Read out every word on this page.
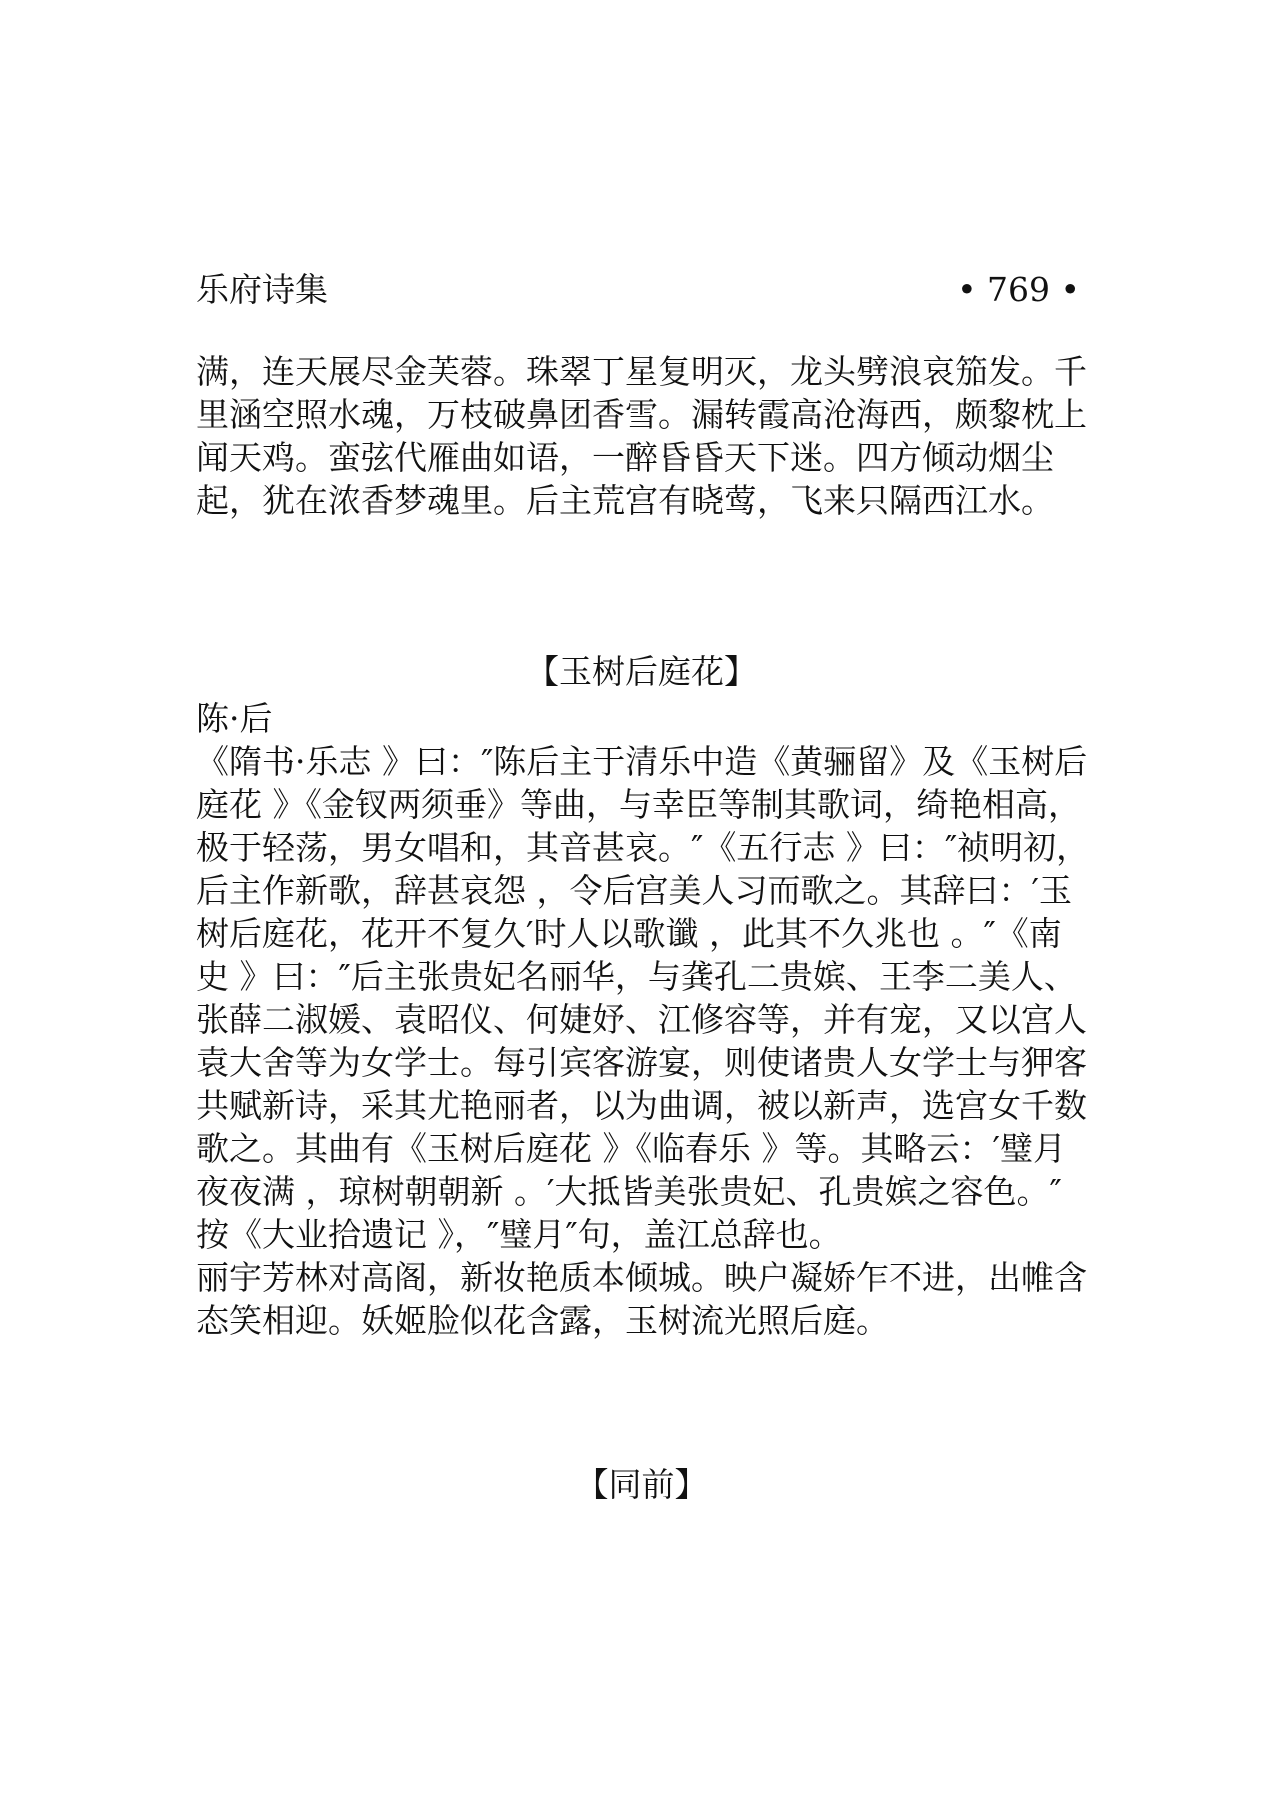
乐府诗集	• 769 •

满，连天展尽金芙蓉。珠翠丁星复明灭，龙头劈浪哀笳发。千里涵空照水魂，万枝破鼻团香雪。漏转霞高沧海西，颇黎枕上闻天鸡。蛮弦代雁曲如语，一醉昏昏天下迷。四方倾动烟尘起，犹在浓香梦魂里。后主荒宫有晓莺，飞来只隔西江水。

【玉树后庭花】

陈·后

《隋书·乐志 》曰：″陈后主于清乐中造《黄骊留》及《玉树后庭花 》《金钗两须垂》等曲，与幸臣等制其歌词，绮艳相高，极于轻荡，男女唱和，其音甚哀。″《五行志 》曰：″祯明初，后主作新歌，辞甚哀怨 ，令后宫美人习而歌之。其辞曰：′玉树后庭花，花开不复久′时人以歌谶 ，此其不久兆也 。″《南史 》曰：″后主张贵妃名丽华，与龚孔二贵嫔、王李二美人、张薛二淑媛、袁昭仪、何婕妤、江修容等，并有宠，又以宫人袁大舍等为女学士。每引宾客游宴，则使诸贵人女学士与狎客共赋新诗，采其尤艳丽者，以为曲调，被以新声，选宫女千数歌之。其曲有《玉树后庭花 》《临春乐 》等。其略云：′璧月夜夜满 ，琼树朝朝新 。′大抵皆美张贵妃、孔贵嫔之容色。″按《大业拾遗记 》，″璧月″句，盖江总辞也。

丽宇芳林对高阁，新妆艳质本倾城。映户凝娇乍不进，出帷含态笑相迎。妖姬脸似花含露，玉树流光照后庭。

【同前】
